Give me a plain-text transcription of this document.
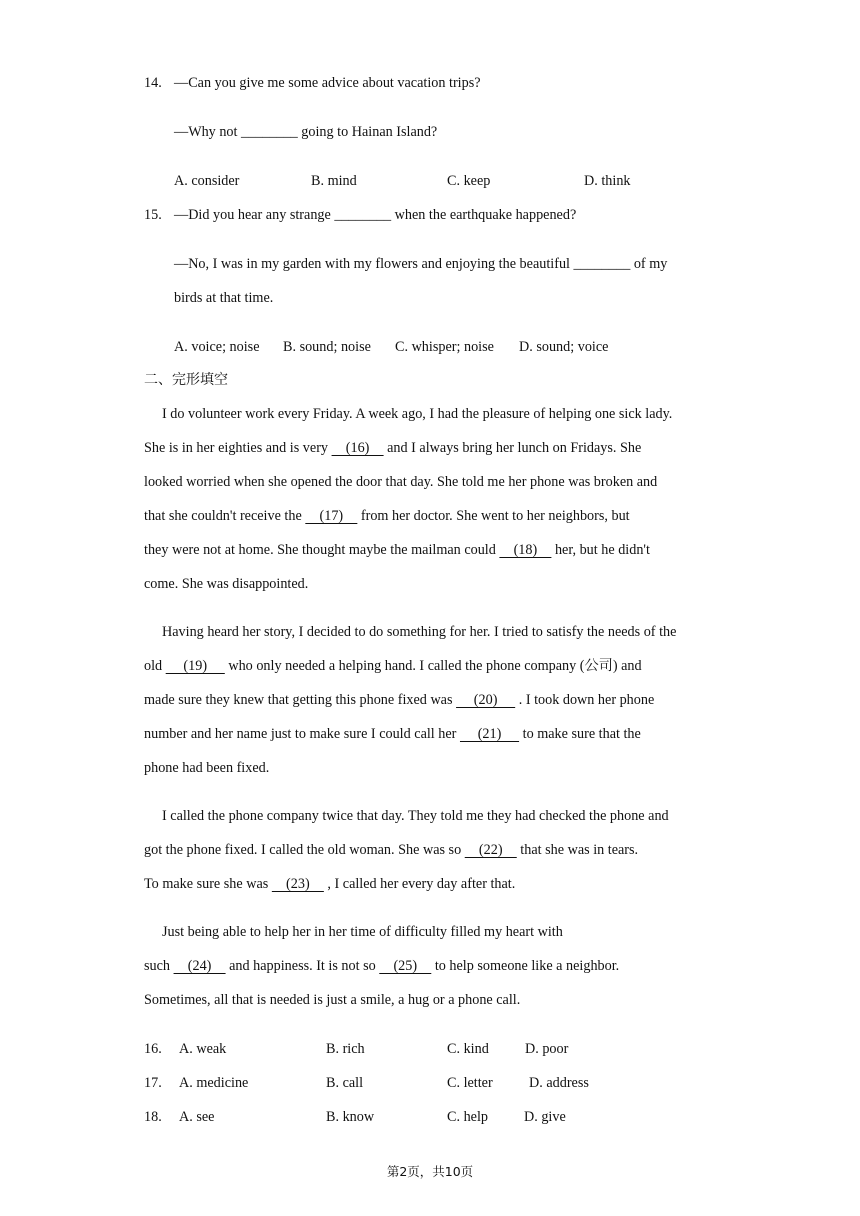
14. —Can you give me some advice about vacation trips?
—Why not ________ going to Hainan Island?
A. consider	B. mind	C. keep	D. think
15. —Did you hear any strange ________ when the earthquake happened?
—No, I was in my garden with my flowers and enjoying the beautiful ________ of my
birds at that time.
A. voice; noise B. sound; noise C. whisper; noise D. sound; voice
二、完形填空
I do volunteer work every Friday. A week ago, I had the pleasure of helping one sick lady.
She is in her eighties and is very     (16)     and I always bring her lunch on Fridays. She
looked worried when she opened the door that day. She told me her phone was broken and
that she couldn't receive the     (17)     from her doctor. She went to her neighbors, but
they were not at home. She thought maybe the mailman could     (18)     her, but he didn't
come. She was disappointed.
Having heard her story, I decided to do something for her. I tried to satisfy the needs of the
old      (19)      who only needed a helping hand. I called the phone company (公司) and
made sure they knew that getting this phone fixed was      (20)      . I took down her phone
number and her name just to make sure I could call her      (21)      to make sure that the
phone had been fixed.
I called the phone company twice that day. They told me they had checked the phone and
got the phone fixed. I called the old woman. She was so     (22)     that she was in tears.
To make sure she was     (23)     , I called her every day after that.
Just being able to help her in her time of difficulty filled my heart with
such     (24)     and happiness. It is not so     (25)     to help someone like a neighbor.
Sometimes, all that is needed is just a smile, a hug or a phone call.
16. A. weak	B. rich	C. kind	D. poor
17. A. medicine	B. call	C. letter	D. address
18. A. see	B. know	C. help	D. give
第2页，共10页
